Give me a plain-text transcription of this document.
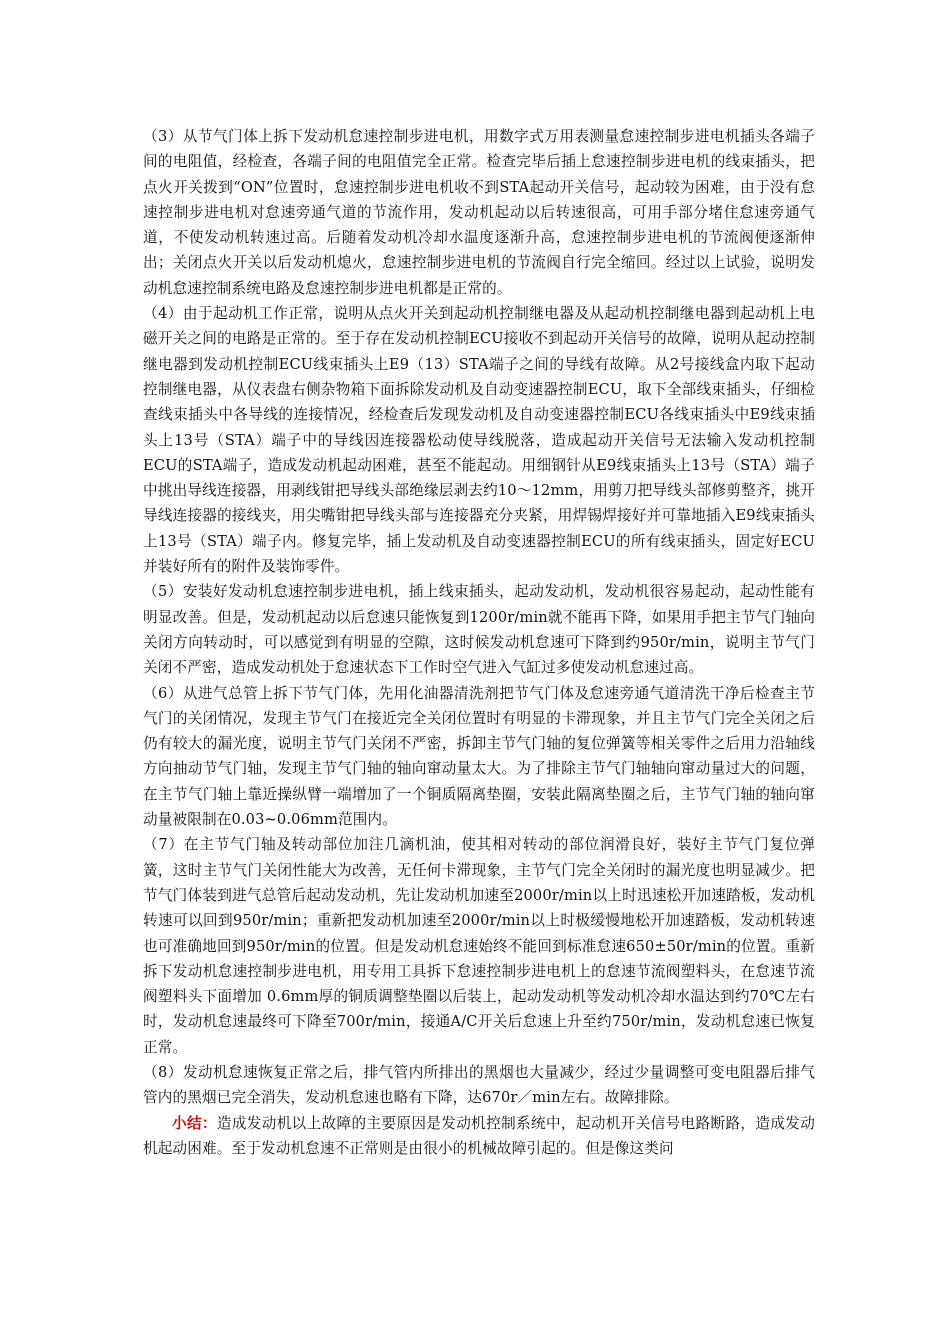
（3）从节气门体上拆下发动机怠速控制步进电机，用数字式万用表测量怠速控制步进电机插头各端子间的电阻值，经检查，各端子间的电阻值完全正常。检查完毕后插上怠速控制步进电机的线束插头，把点火开关拨到“ON”位置时，怠速控制步进电机收不到STA起动开关信号，起动较为困难，由于没有怠速控制步进电机对怠速旁通气道的节流作用，发动机起动以后转速很高，可用手部分堵住怠速旁通气道，不使发动机转速过高。后随着发动机冷却水温度逐渐升高，怠速控制步进电机的节流阀便逐渐伸出；关闭点火开关以后发动机熄火，怠速控制步进电机的节流阀自行完全缩回。经过以上试验，说明发动机怠速控制系统电路及怠速控制步进电机都是正常的。

（4）由于起动机工作正常，说明从点火开关到起动机控制继电器及从起动机控制继电器到起动机上电磁开关之间的电路是正常的。至于存在发动机控制ECU接收不到起动开关信号的故障，说明从起动控制继电器到发动机控制ECU线束插头上E9（13）STA端子之间的导线有故障。从2号接线盒内取下起动控制继电器，从仪表盘右侧杂物箱下面拆除发动机及自动变速器控制ECU，取下全部线束插头，仔细检查线束插头中各导线的连接情况，经检查后发现发动机及自动变速器控制ECU各线束插头中E9线束插头上13号（STA）端子中的导线因连接器松动使导线脱落，造成起动开关信号无法输入发动机控制ECU的STA端子，造成发动机起动困难，甚至不能起动。用细钢针从E9线束插头上13号（STA）端子中挑出导线连接器，用剥线钳把导线头部绝缘层剥去约10～12mm，用剪刀把导线头部修剪整齐，挑开导线连接器的接线夹，用尖嘴钳把导线头部与连接器充分夹紧，用焊锡焊接好并可靠地插入E9线束插头上13号（STA）端子内。修复完毕，插上发动机及自动变速器控制ECU的所有线束插头，固定好ECU并装好所有的附件及装饰零件。

（5）安装好发动机怠速控制步进电机，插上线束插头，起动发动机，发动机很容易起动，起动性能有明显改善。但是，发动机起动以后怠速只能恢复到1200r/min就不能再下降，如果用手把主节气门轴向关闭方向转动时，可以感觉到有明显的空隙，这时候发动机怠速可下降到约950r/min，说明主节气门关闭不严密，造成发动机处于怠速状态下工作时空气进入气缸过多使发动机怠速过高。

（6）从进气总管上拆下节气门体，先用化油器清洗剂把节气门体及怠速旁通气道清洗干净后检查主节气门的关闭情况，发现主节气门在接近完全关闭位置时有明显的卡滞现象，并且主节气门完全关闭之后仍有较大的漏光度，说明主节气门关闭不严密，拆卸主节气门轴的复位弹簧等相关零件之后用力沿轴线方向抽动节气门轴，发现主节气门轴的轴向窜动量太大。为了排除主节气门轴轴向窜动量过大的问题，在主节气门轴上靠近操纵臂一端增加了一个铜质隔离垫圈，安装此隔离垫圈之后，主节气门轴的轴向窜动量被限制在0.03~0.06mm范围内。

（7）在主节气门轴及转动部位加注几滴机油，使其相对转动的部位润滑良好，装好主节气门复位弹簧，这时主节气门关闭性能大为改善，无任何卡滞现象，主节气门完全关闭时的漏光度也明显减少。把节气门体装到进气总管后起动发动机，先让发动机加速至2000r/min以上时迅速松开加速踏板，发动机转速可以回到950r/min；重新把发动机加速至2000r/min以上时极缓慢地松开加速踏板，发动机转速也可准确地回到950r/min的位置。但是发动机怠速始终不能回到标准怠速650±50r/min的位置。重新拆下发动机怠速控制步进电机，用专用工具拆下怠速控制步进电机上的怠速节流阀塑料头，在怠速节流阀塑料头下面增加 0.6mm厚的铜质调整垫圈以后装上，起动发动机等发动机冷却水温达到约70℃左右时，发动机怠速最终可下降至700r/min，接通A/C开关后怠速上升至约750r/min，发动机怠速已恢复正常。

（8）发动机怠速恢复正常之后，排气管内所排出的黑烟也大量减少，经过少量调整可变电阻器后排气管内的黑烟已完全消失，发动机怠速也略有下降，达670r／min左右。故障排除。

小结：造成发动机以上故障的主要原因是发动机控制系统中，起动机开关信号电路断路，造成发动机起动困难。至于发动机怠速不正常则是由很小的机械故障引起的。但是像这类问
